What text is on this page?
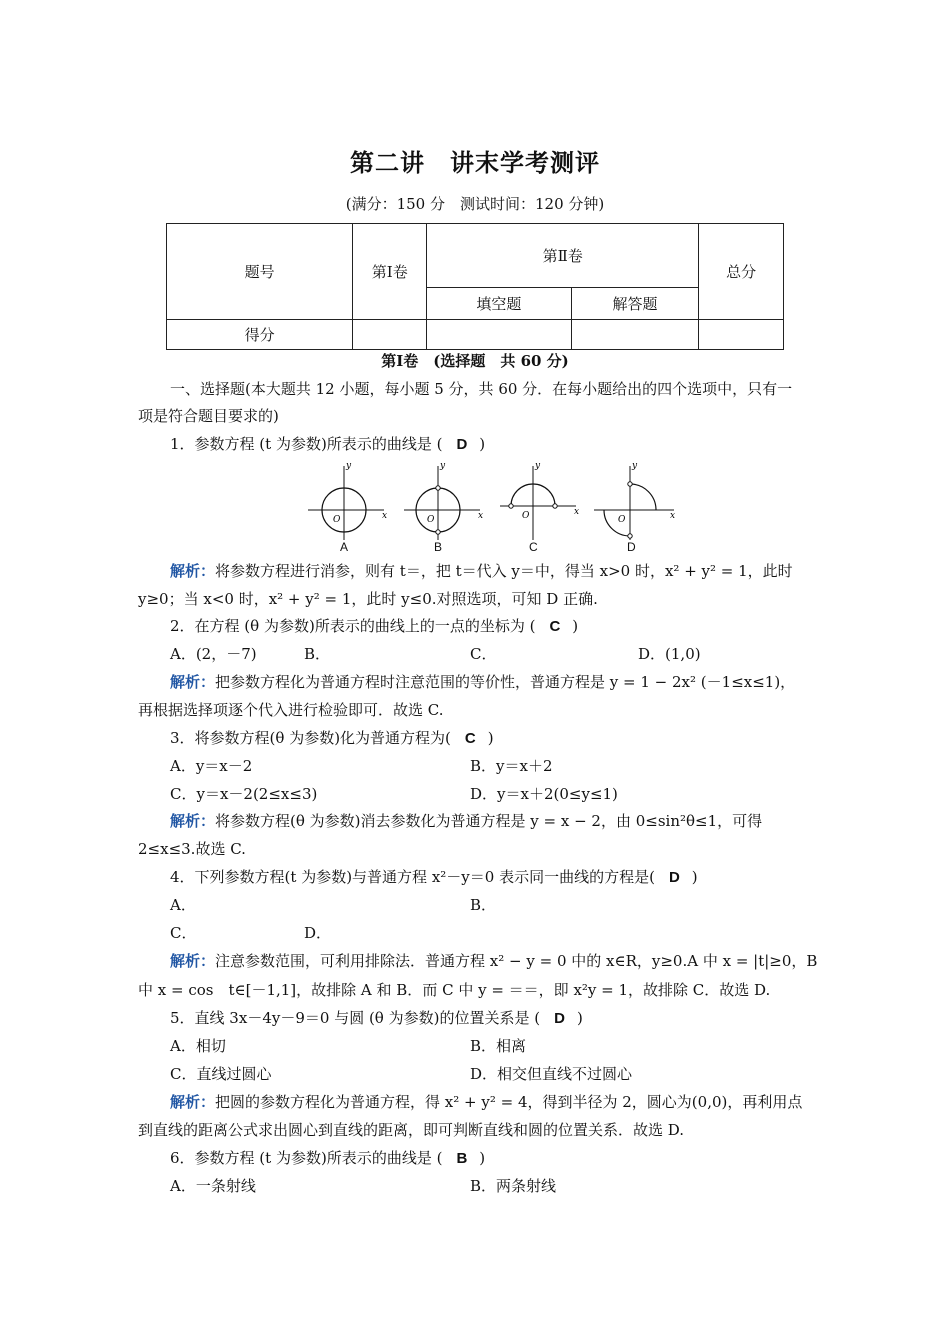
第二讲　讲末学考测评
(满分：150 分　测试时间：120 分钟)
题号	第Ⅰ卷	第Ⅱ卷		总分
		填空题	解答题	
得分				
第Ⅰ卷　(选择题　共 60 分)
一、选择题(本大题共 12 小题，每小题 5 分，共 60 分．在每小题给出的四个选项中，只有一
项是符合题目要求的)
1．参数方程 (t 为参数)所表示的曲线是 ( D )
y
x
O
y
x
O
y
x
O
y
x
O
A	B	C	D
解析：将参数方程进行消参，则有 t＝，把 t＝代入 y＝中，得当 x>0 时，x² + y² = 1，此时
y≥0；当 x<0 时，x² + y² = 1，此时 y≤0.对照选项，可知 D 正确.
2．在方程 (θ 为参数)所表示的曲线上的一点的坐标为 ( C )
A．(2，－7)	B．	C．	D．(1,0)
解析：把参数方程化为普通方程时注意范围的等价性，普通方程是 y = 1 − 2x² (－1≤x≤1)，
再根据选择项逐个代入进行检验即可．故选 C.
3．将参数方程(θ 为参数)化为普通方程为( C )
A．y＝x－2	B．y＝x＋2
C．y＝x－2(2≤x≤3)	D．y＝x＋2(0≤y≤1)
解析：将参数方程(θ 为参数)消去参数化为普通方程是 y = x − 2，由 0≤sin²θ≤1，可得
2≤x≤3.故选 C.
4．下列参数方程(t 为参数)与普通方程 x²－y＝0 表示同一曲线的方程是( D )
A．	B．
C．	D．
解析：注意参数范围，可利用排除法．普通方程 x² − y = 0 中的 x∈R，y≥0.A 中 x = |t|≥0，B
中 x = cos　t∈[－1,1]，故排除 A 和 B．而 C 中 y = ＝＝，即 x²y = 1，故排除 C．故选 D.
5．直线 3x－4y－9＝0 与圆 (θ 为参数)的位置关系是 ( D )
A．相切	B．相离
C．直线过圆心	D．相交但直线不过圆心
解析：把圆的参数方程化为普通方程，得 x² + y² = 4，得到半径为 2，圆心为(0,0)，再利用点
到直线的距离公式求出圆心到直线的距离，即可判断直线和圆的位置关系．故选 D.
6．参数方程 (t 为参数)所表示的曲线是 ( B )
A．一条射线	B．两条射线
